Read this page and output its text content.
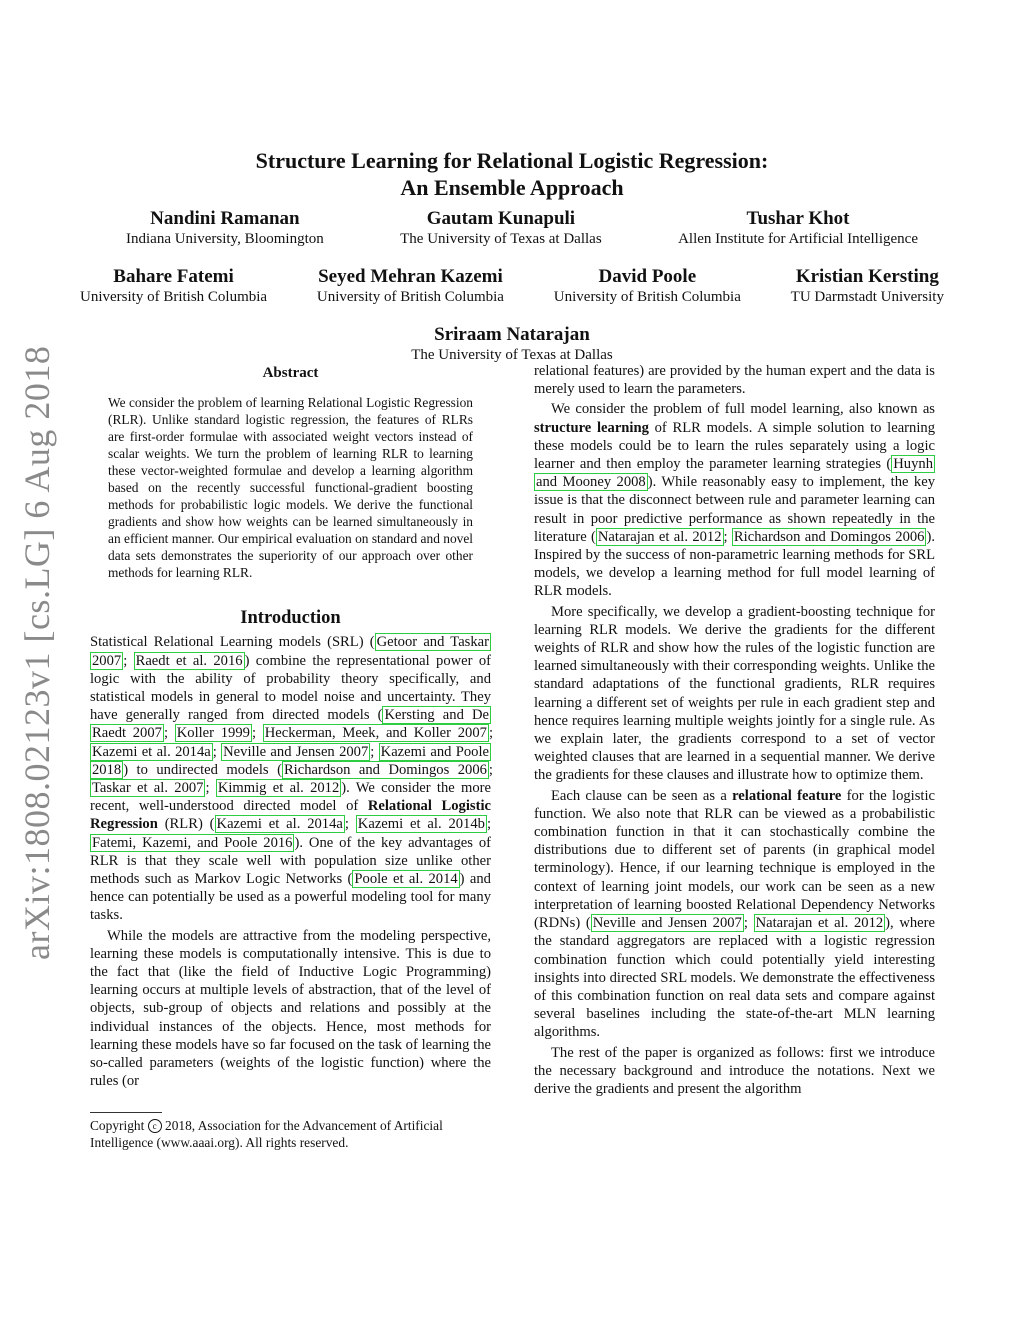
arXiv:1808.02123v1 [cs.LG] 6 Aug 2018
Structure Learning for Relational Logistic Regression:
An Ensemble Approach
Nandini Ramanan
Indiana University, Bloomington
Gautam Kunapuli
The University of Texas at Dallas
Tushar Khot
Allen Institute for Artificial Intelligence
Bahare Fatemi
University of British Columbia
Seyed Mehran Kazemi
University of British Columbia
David Poole
University of British Columbia
Kristian Kersting
TU Darmstadt University
Sriraam Natarajan
The University of Texas at Dallas
Abstract

We consider the problem of learning Relational Logistic Regression (RLR). Unlike standard logistic regression, the features of RLRs are first-order formulae with associated weight vectors instead of scalar weights. We turn the problem of learning RLR to learning these vector-weighted formulae and develop a learning algorithm based on the recently successful functional-gradient boosting methods for probabilistic logic models. We derive the functional gradients and show how weights can be learned simultaneously in an efficient manner. Our empirical evaluation on standard and novel data sets demonstrates the superiority of our approach over other methods for learning RLR.

Introduction

Statistical Relational Learning models (SRL) ( Getoor and Taskar 2007 ; Raedt et al. 2016 ) combine the representational power of logic with the ability of probability theory specifically, and statistical models in general to model noise and uncertainty. They have generally ranged from directed models ( Kersting and De Raedt 2007 ; Koller 1999 ; Heckerman, Meek, and Koller 2007 ; Kazemi et al. 2014a ; Neville and Jensen 2007 ; Kazemi and Poole 2018 ) to undirected models ( Richardson and Domingos 2006 ; Taskar et al. 2007 ; Kimmig et al. 2012 ). We consider the more recent, well-understood directed model of Relational Logistic Regression (RLR) ( Kazemi et al. 2014a ; Kazemi et al. 2014b ; Fatemi, Kazemi, and Poole 2016 ). One of the key advantages of RLR is that they scale well with population size unlike other methods such as Markov Logic Networks ( Poole et al. 2014 ) and hence can potentially be used as a powerful modeling tool for many tasks.

While the models are attractive from the modeling perspective, learning these models is computationally intensive. This is due to the fact that (like the field of Inductive Logic Programming) learning occurs at multiple levels of abstraction, that of the level of objects, sub-group of objects and relations and possibly at the individual instances of the objects. Hence, most methods for learning these models have so far focused on the task of learning the so-called parameters (weights of the logistic function) where the rules (or

Copyright c 2018, Association for the Advancement of Artificial Intelligence (www.aaai.org). All rights reserved.

relational features) are provided by the human expert and the data is merely used to learn the parameters.

We consider the problem of full model learning, also known as structure learning of RLR models. A simple solution to learning these models could be to learn the rules separately using a logic learner and then employ the parameter learning strategies ( Huynh and Mooney 2008 ). While reasonably easy to implement, the key issue is that the disconnect between rule and parameter learning can result in poor predictive performance as shown repeatedly in the literature ( Natarajan et al. 2012 ; Richardson and Domingos 2006 ). Inspired by the success of non-parametric learning methods for SRL models, we develop a learning method for full model learning of RLR models.

More specifically, we develop a gradient-boosting technique for learning RLR models. We derive the gradients for the different weights of RLR and show how the rules of the logistic function are learned simultaneously with their corresponding weights. Unlike the standard adaptations of the functional gradients, RLR requires learning a different set of weights per rule in each gradient step and hence requires learning multiple weights jointly for a single rule. As we explain later, the gradients correspond to a set of vector weighted clauses that are learned in a sequential manner. We derive the gradients for these clauses and illustrate how to optimize them.

Each clause can be seen as a relational feature for the logistic function. We also note that RLR can be viewed as a probabilistic combination function in that it can stochastically combine the distributions due to different set of parents (in graphical model terminology). Hence, if our learning technique is employed in the context of learning joint models, our work can be seen as a new interpretation of learning boosted Relational Dependency Networks (RDNs) ( Neville and Jensen 2007 ; Natarajan et al. 2012 ), where the standard aggregators are replaced with a logistic regression combination function which could potentially yield interesting insights into directed SRL models. We demonstrate the effectiveness of this combination function on real data sets and compare against several baselines including the state-of-the-art MLN learning algorithms.

The rest of the paper is organized as follows: first we introduce the necessary background and introduce the notations. Next we derive the gradients and present the algorithm
